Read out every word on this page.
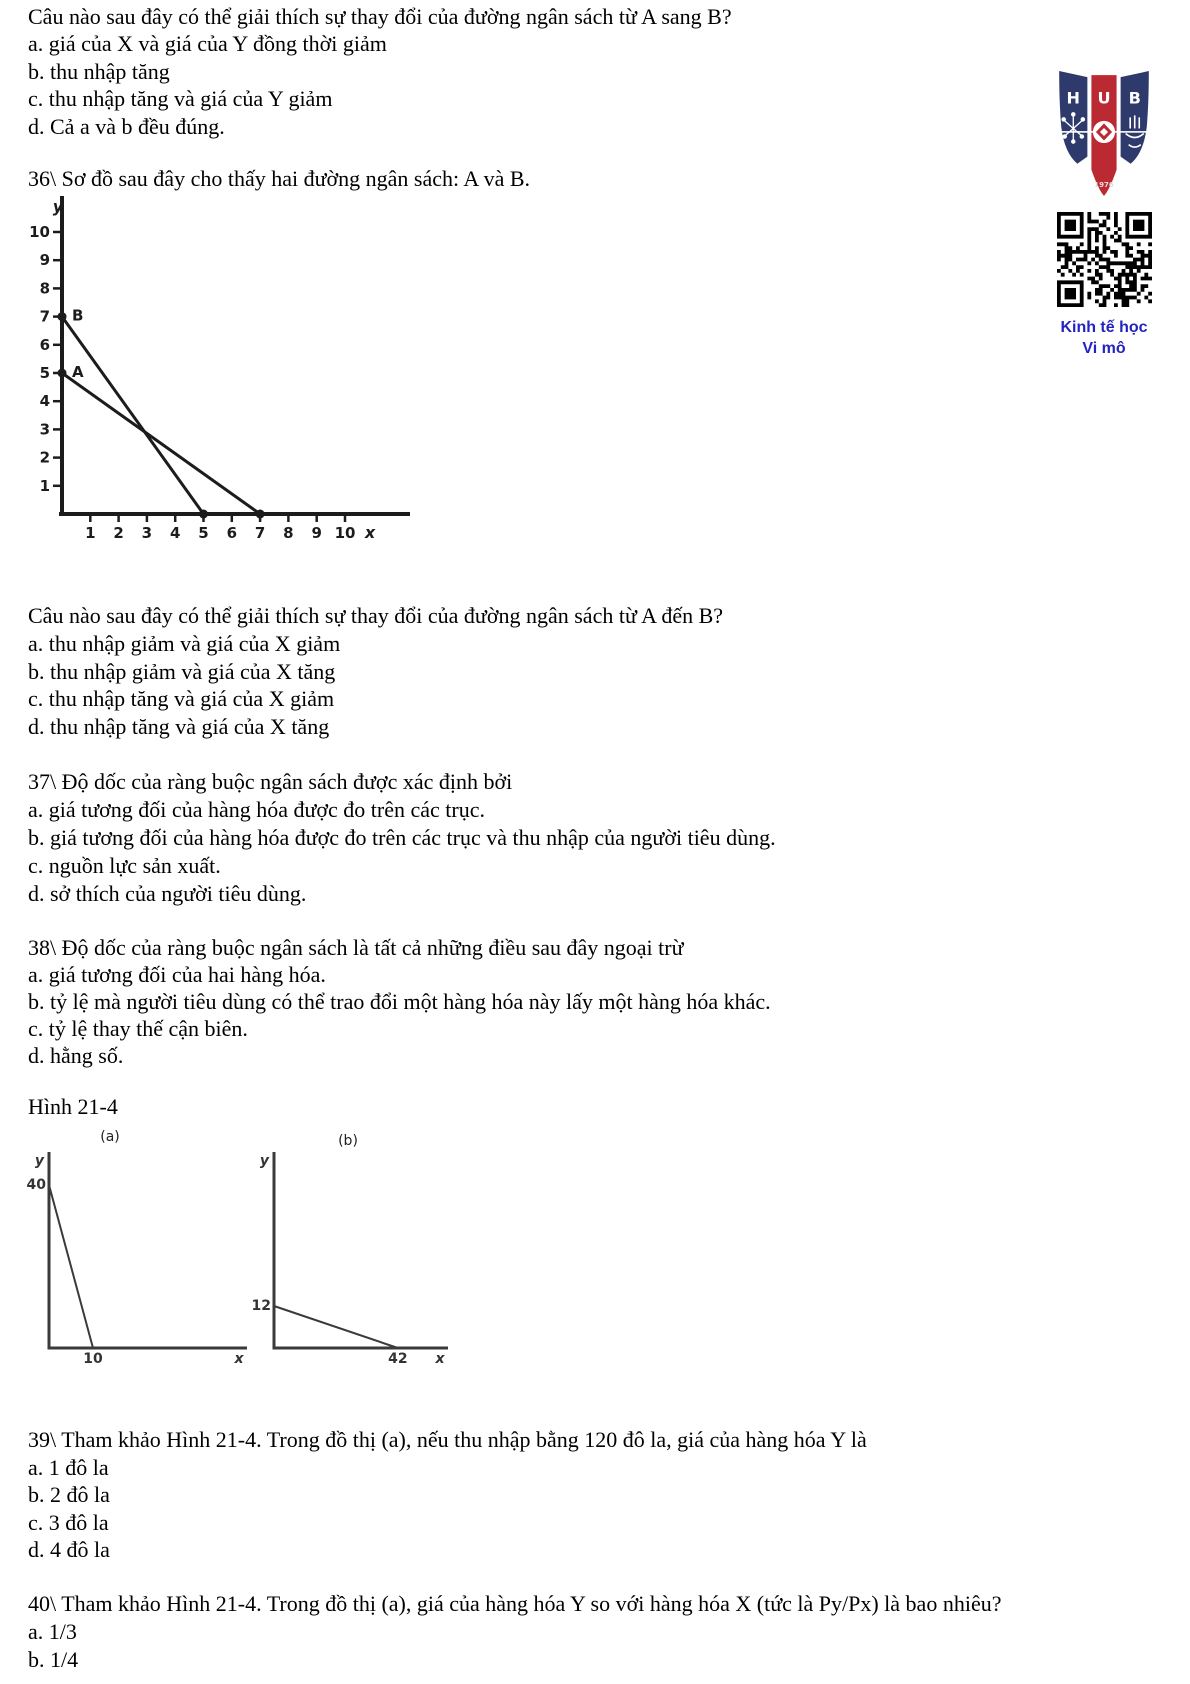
Câu nào sau đây có thể giải thích sự thay đổi của đường ngân sách từ A sang B?
a. giá của X và giá của Y đồng thời giảm
b. thu nhập tăng
c. thu nhập tăng và giá của Y giảm
d. Cả a và b đều đúng.
36\ Sơ đồ sau đây cho thấy hai đường ngân sách: A và B.
1
2
3
4
5
6
7
8
9
10
1 2 3 4 5 6 7 8 9 10
y
x
B
A
H U B
1976
Kinh tế học
Vi mô
Câu nào sau đây có thể giải thích sự thay đổi của đường ngân sách từ A đến B?
a. thu nhập giảm và giá của X giảm
b. thu nhập giảm và giá của X tăng
c. thu nhập tăng và giá của X giảm
d. thu nhập tăng và giá của X tăng
37\ Độ dốc của ràng buộc ngân sách được xác định bởi
a. giá tương đối của hàng hóa được đo trên các trục.
b. giá tương đối của hàng hóa được đo trên các trục và thu nhập của người tiêu dùng.
c. nguồn lực sản xuất.
d. sở thích của người tiêu dùng.
38\ Độ dốc của ràng buộc ngân sách là tất cả những điều sau đây ngoại trừ
a. giá tương đối của hai hàng hóa.
b. tỷ lệ mà người tiêu dùng có thể trao đổi một hàng hóa này lấy một hàng hóa khác.
c. tỷ lệ thay thế cận biên.
d. hằng số.
Hình 21-4
(a)
y
40
10	x
(b)
y
12
42 x
39\ Tham khảo Hình 21-4. Trong đồ thị (a), nếu thu nhập bằng 120 đô la, giá của hàng hóa Y là
a. 1 đô la
b. 2 đô la
c. 3 đô la
d. 4 đô la
40\ Tham khảo Hình 21-4. Trong đồ thị (a), giá của hàng hóa Y so với hàng hóa X (tức là Py/Px) là bao nhiêu?
a. 1/3
b. 1/4
